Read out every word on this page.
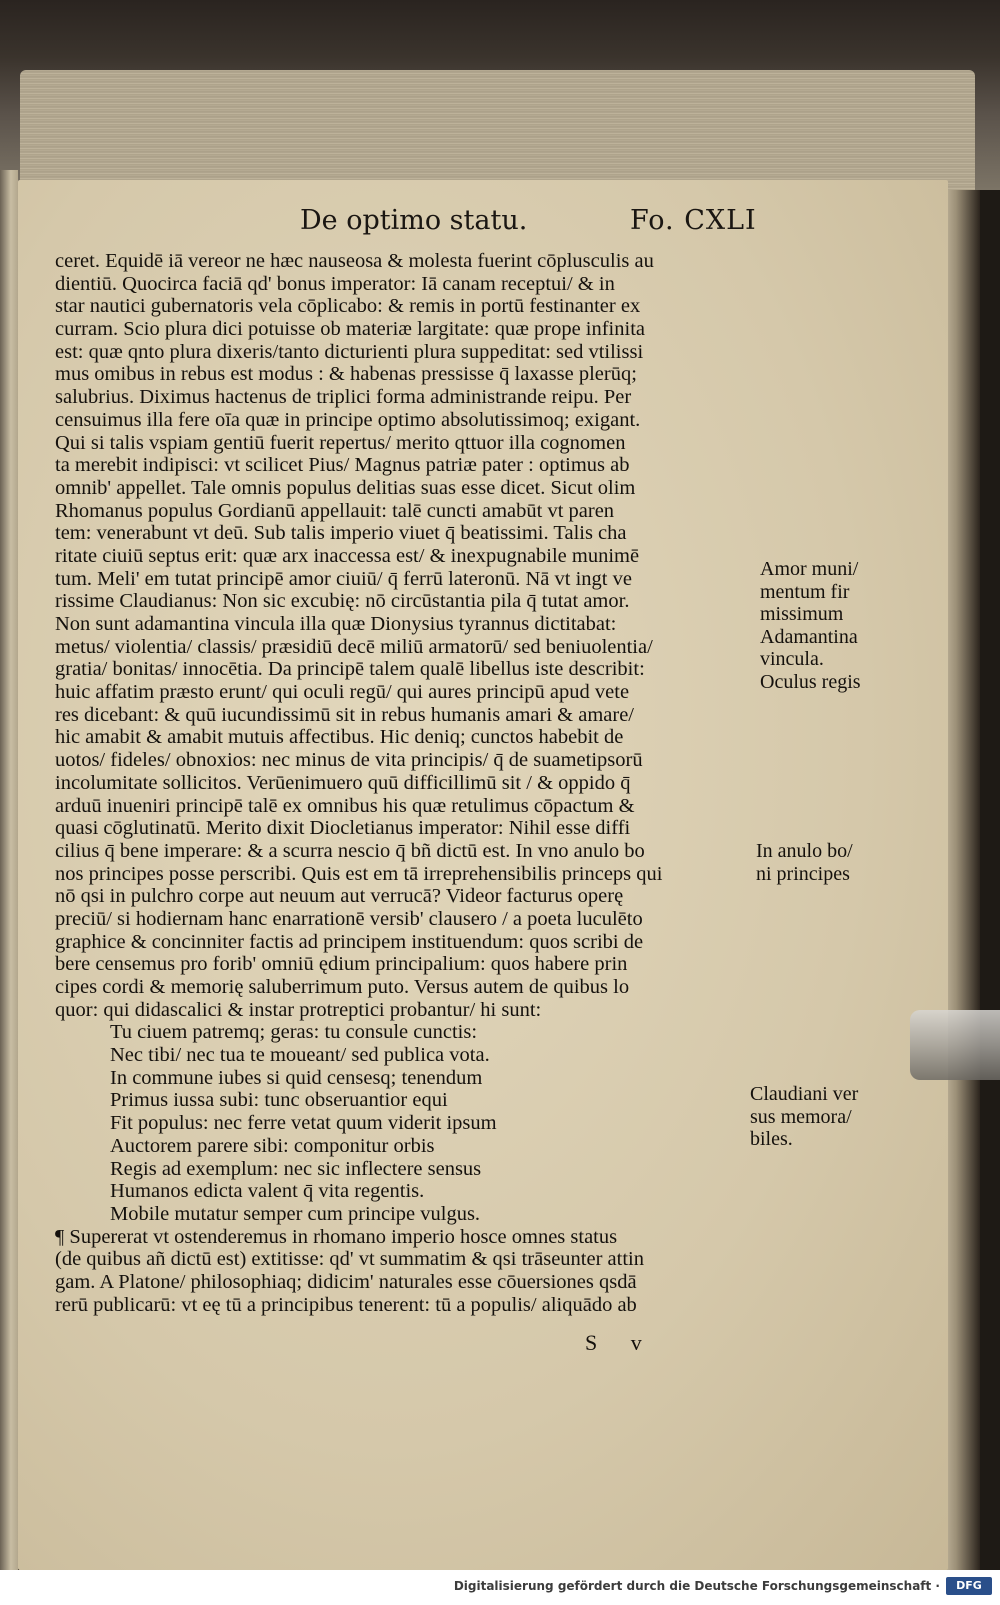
De optimo statu.	Fo. CXLI
ceret. Equidē iā vereor ne hæc nauseosa & molesta fuerint cōplusculis au
dientiū. Quocirca faciā qd' bonus imperator: Iā canam receptui/ & in
star nautici gubernatoris vela cōplicabo: & remis in portū festinanter ex
curram. Scio plura dici potuisse ob materiæ largitate: quæ prope infinita
est: quæ qnto plura dixeris/tanto dicturienti plura suppeditat: sed vtilissi
mus omibus in rebus est modus : & habenas pressisse q̄ laxasse plerūq;
salubrius. Diximus hactenus de triplici forma administrande reipu. Per
censuimus illa fere oīa quæ in principe optimo absolutissimoq; exigant.
Qui si talis vspiam gentiū fuerit repertus/ merito qttuor illa cognomen
ta merebit indipisci: vt scilicet Pius/ Magnus patriæ pater : optimus ab
omnib' appellet. Tale omnis populus delitias suas esse dicet. Sicut olim
Rhomanus populus Gordianū appellauit: talē cuncti amabūt vt paren
tem: venerabunt vt deū. Sub talis imperio viuet q̄ beatissimi. Talis cha
ritate ciuiū septus erit: quæ arx inaccessa est/ & inexpugnabile munimē
tum. Meli' em tutat principē amor ciuiū/ q̄ ferrū lateronū. Nā vt ingt ve
rissime Claudianus: Non sic excubię: nō circūstantia pila q̄ tutat amor.
Non sunt adamantina vincula illa quæ Dionysius tyrannus dictitabat:
metus/ violentia/ classis/ præsidiū decē miliū armatorū/ sed beniuolentia/
gratia/ bonitas/ innocētia. Da principē talem qualē libellus iste describit:
huic affatim præsto erunt/ qui oculi regū/ qui aures principū apud vete
res dicebant: & quū iucundissimū sit in rebus humanis amari & amare/
hic amabit & amabit mutuis affectibus. Hic deniq; cunctos habebit de
uotos/ fideles/ obnoxios: nec minus de vita principis/ q̄ de suametipsorū
incolumitate sollicitos. Verūenimuero quū difficillimū sit / & oppido q̄
arduū inueniri principē talē ex omnibus his quæ retulimus cōpactum &
quasi cōglutinatū. Merito dixit Diocletianus imperator: Nihil esse diffi
cilius q̄ bene imperare: & a scurra nescio q̄ bñ dictū est. In vno anulo bo
nos principes posse perscribi. Quis est em tā irreprehensibilis princeps qui
nō qsi in pulchro corpe aut neuum aut verrucā? Videor facturus operę
preciū/ si hodiernam hanc enarrationē versib' clausero / a poeta luculēto
graphice & concinniter factis ad principem instituendum: quos scribi de
bere censemus pro forib' omniū ędium principalium: quos habere prin
cipes cordi & memorię saluberrimum puto. Versus autem de quibus lo
quor: qui didascalici & instar protreptici probantur/ hi sunt:
Tu ciuem patremq; geras: tu consule cunctis:
Nec tibi/ nec tua te moueant/ sed publica vota.
In commune iubes si quid censesq; tenendum
Primus iussa subi: tunc obseruantior equi
Fit populus: nec ferre vetat quum viderit ipsum
Auctorem parere sibi: componitur orbis
Regis ad exemplum: nec sic inflectere sensus
Humanos edicta valent q̄ vita regentis.
Mobile mutatur semper cum principe vulgus.
¶ Supererat vt ostenderemus in rhomano imperio hosce omnes status
(de quibus añ dictū est) extitisse: qd' vt summatim & qsi trāseunter attin
gam. A Platone/ philosophiaq; didicim' naturales esse cōuersiones qsdā
rerū publicarū: vt eę tū a principibus tenerent: tū a populis/ aliquādo ab
Amor muni/
mentum fir
missimum
Adamantina
vincula.
Oculus regis
In anulo bo/
ni principes
Claudiani ver
sus memora/
biles.
S v
Digitalisierung gefördert durch die Deutsche Forschungsgemeinschaft ·	DFG
